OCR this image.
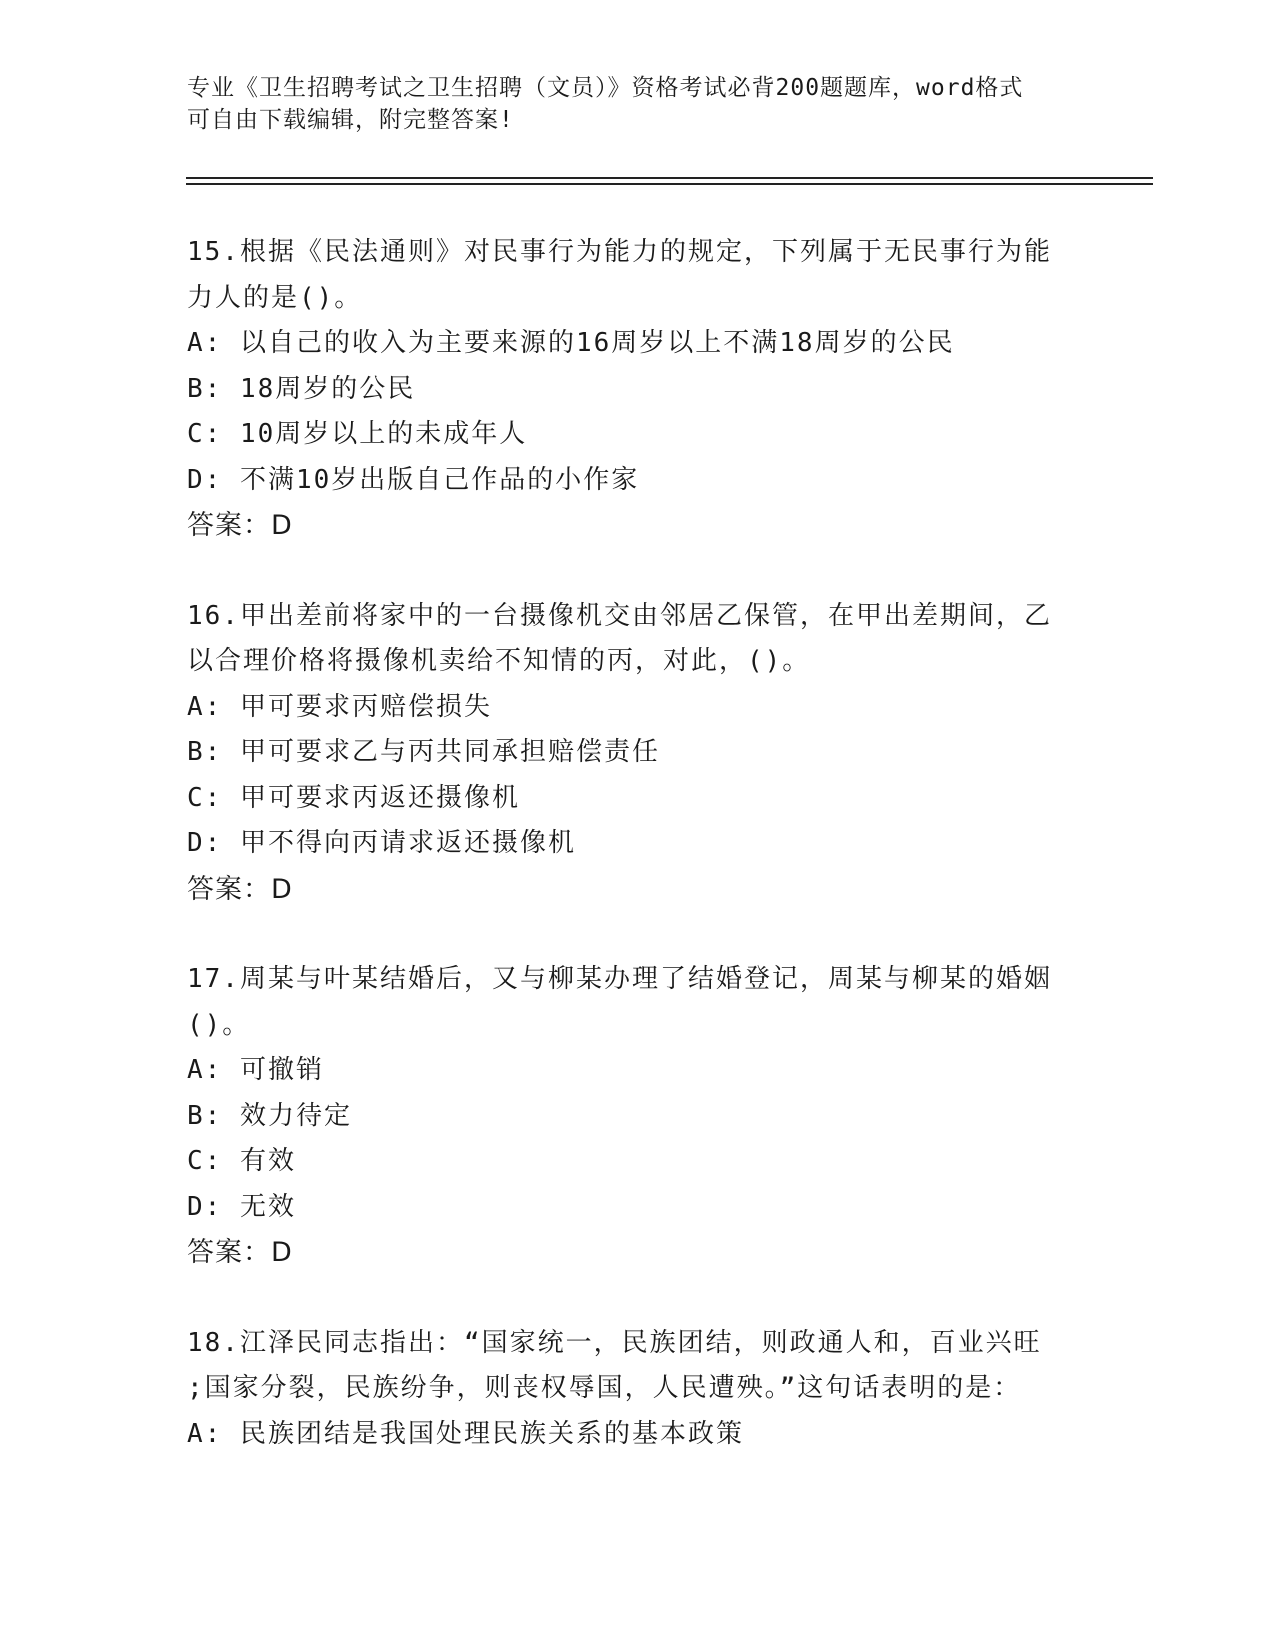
专业《卫生招聘考试之卫生招聘（文员）》资格考试必背200题题库，word格式
可自由下载编辑，附完整答案!
15.根据《民法通则》对民事行为能力的规定，下列属于无民事行为能
力人的是()。
A: 以自己的收入为主要来源的16周岁以上不满18周岁的公民
B: 18周岁的公民
C: 10周岁以上的未成年人
D: 不满10岁出版自己作品的小作家
答案：D
16.甲出差前将家中的一台摄像机交由邻居乙保管，在甲出差期间，乙
以合理价格将摄像机卖给不知情的丙，对此，()。
A: 甲可要求丙赔偿损失
B: 甲可要求乙与丙共同承担赔偿责任
C: 甲可要求丙返还摄像机
D: 甲不得向丙请求返还摄像机
答案：D
17.周某与叶某结婚后，又与柳某办理了结婚登记，周某与柳某的婚姻
()。
A: 可撤销
B: 效力待定
C: 有效
D: 无效
答案：D
18.江泽民同志指出：“国家统一，民族团结，则政通人和，百业兴旺
;国家分裂，民族纷争，则丧权辱国，人民遭殃。”这句话表明的是：
A: 民族团结是我国处理民族关系的基本政策
